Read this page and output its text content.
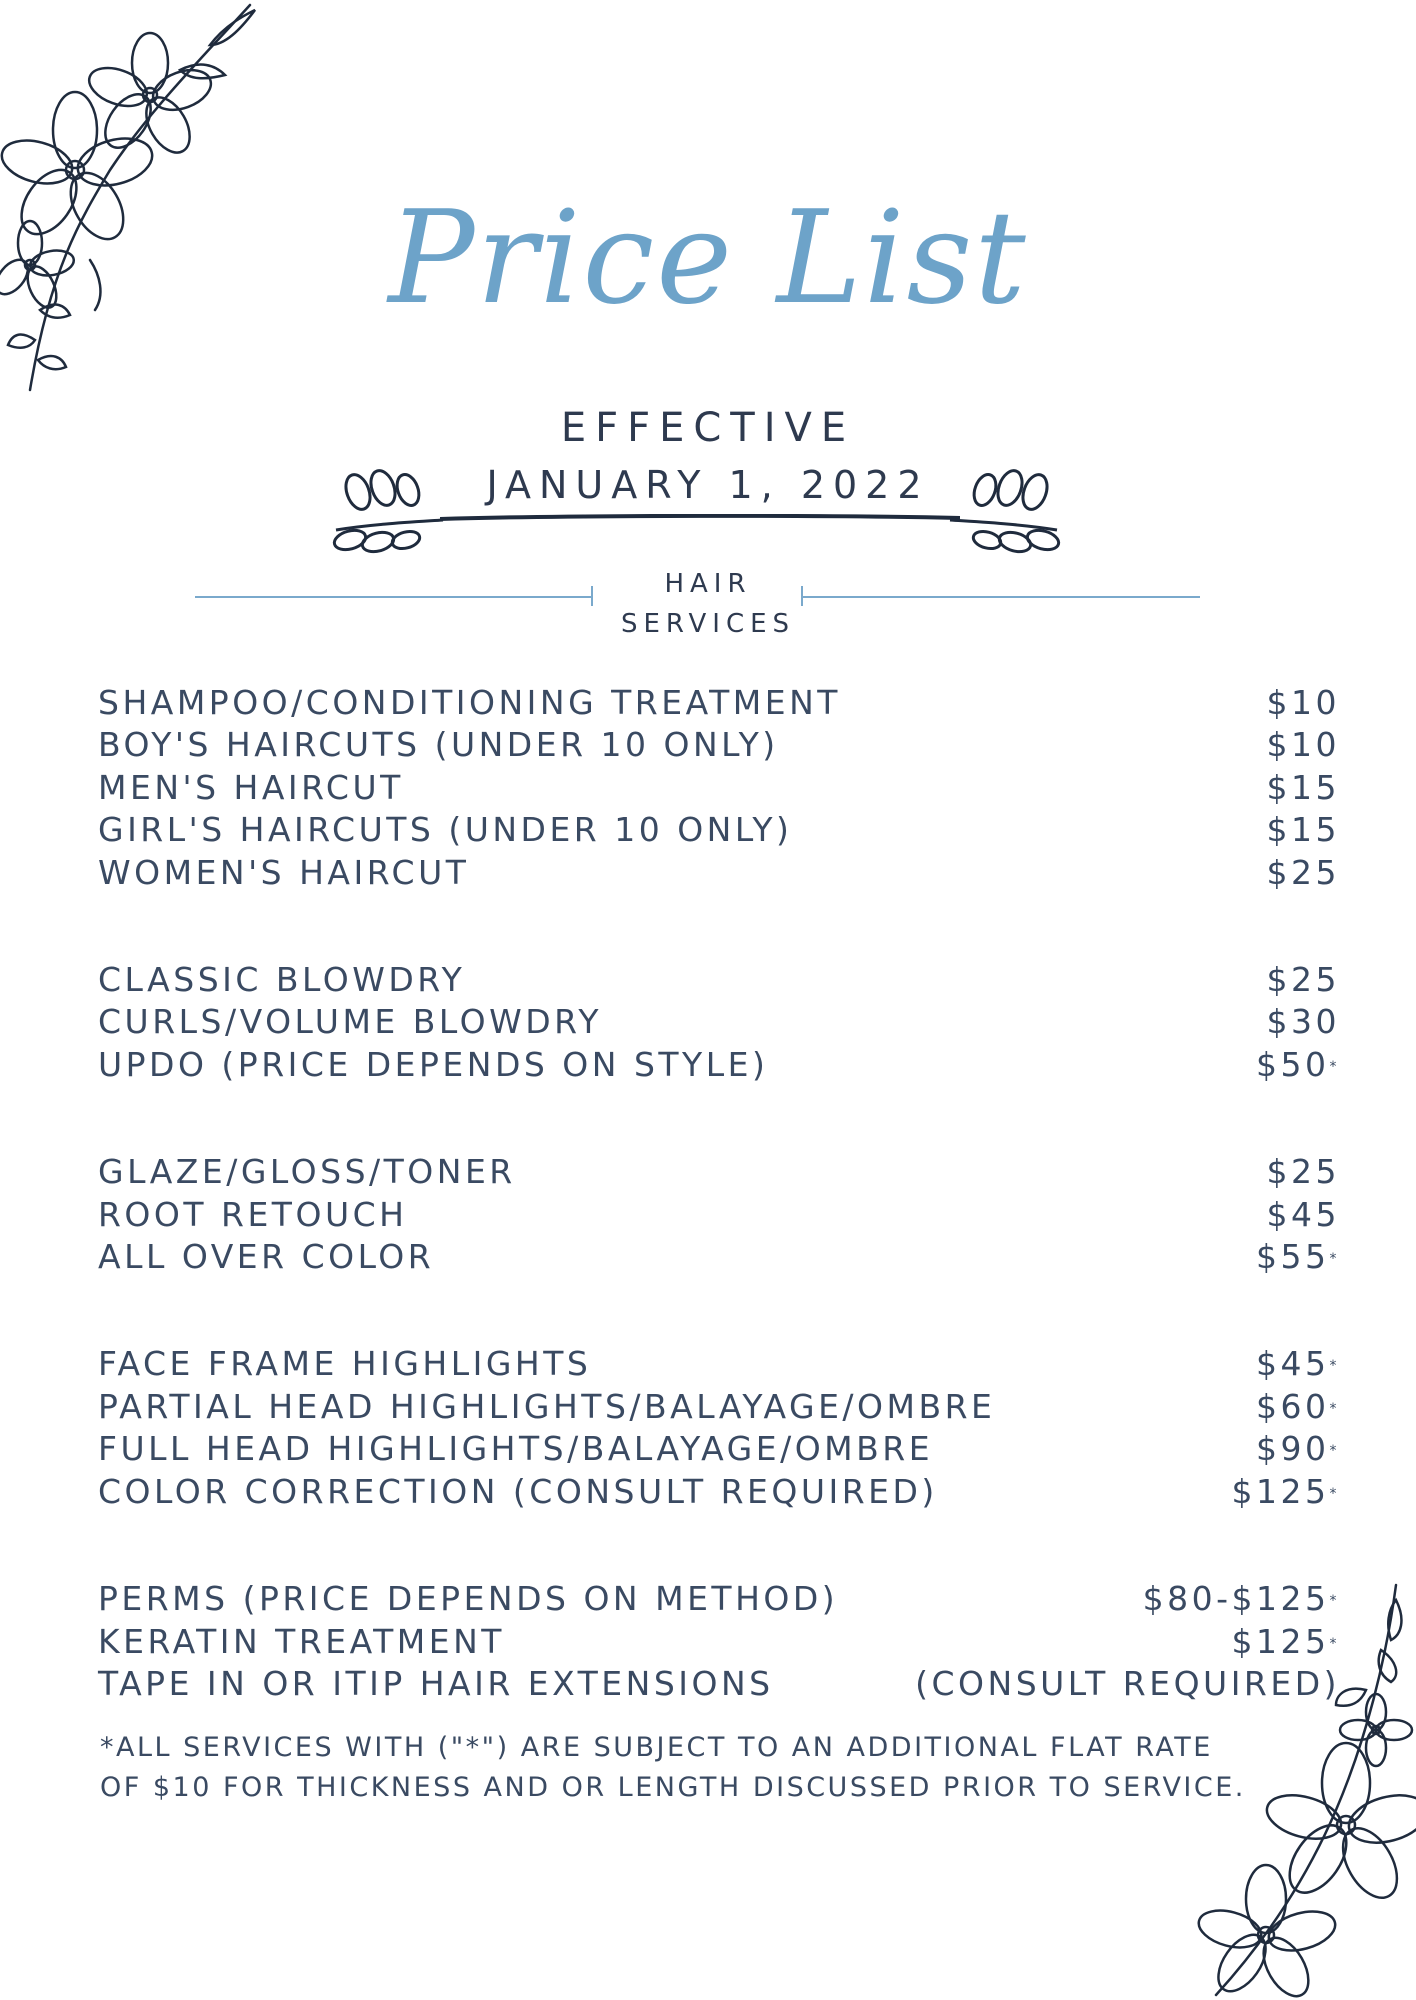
Price List
EFFECTIVE
JANUARY 1, 2022
HAIR
SERVICES
SHAMPOO/CONDITIONING TREATMENT	$10
BOY'S HAIRCUTS (UNDER 10 ONLY)	$10
MEN'S HAIRCUT	$15
GIRL'S HAIRCUTS (UNDER 10 ONLY)	$15
WOMEN'S HAIRCUT	$25
CLASSIC BLOWDRY	$25
CURLS/VOLUME BLOWDRY	$30
UPDO (PRICE DEPENDS ON STYLE)	$50*
GLAZE/GLOSS/TONER	$25
ROOT RETOUCH	$45
ALL OVER COLOR	$55*
FACE FRAME HIGHLIGHTS	$45*
PARTIAL HEAD HIGHLIGHTS/BALAYAGE/OMBRE	$60*
FULL HEAD HIGHLIGHTS/BALAYAGE/OMBRE	$90*
COLOR CORRECTION (CONSULT REQUIRED)	$125*
PERMS (PRICE DEPENDS ON METHOD)	$80-$125*
KERATIN TREATMENT	$125*
TAPE IN OR ITIP HAIR EXTENSIONS	(CONSULT REQUIRED)
*ALL SERVICES WITH ("*") ARE SUBJECT TO AN ADDITIONAL FLAT RATE
OF $10 FOR THICKNESS AND OR LENGTH DISCUSSED PRIOR TO SERVICE.
